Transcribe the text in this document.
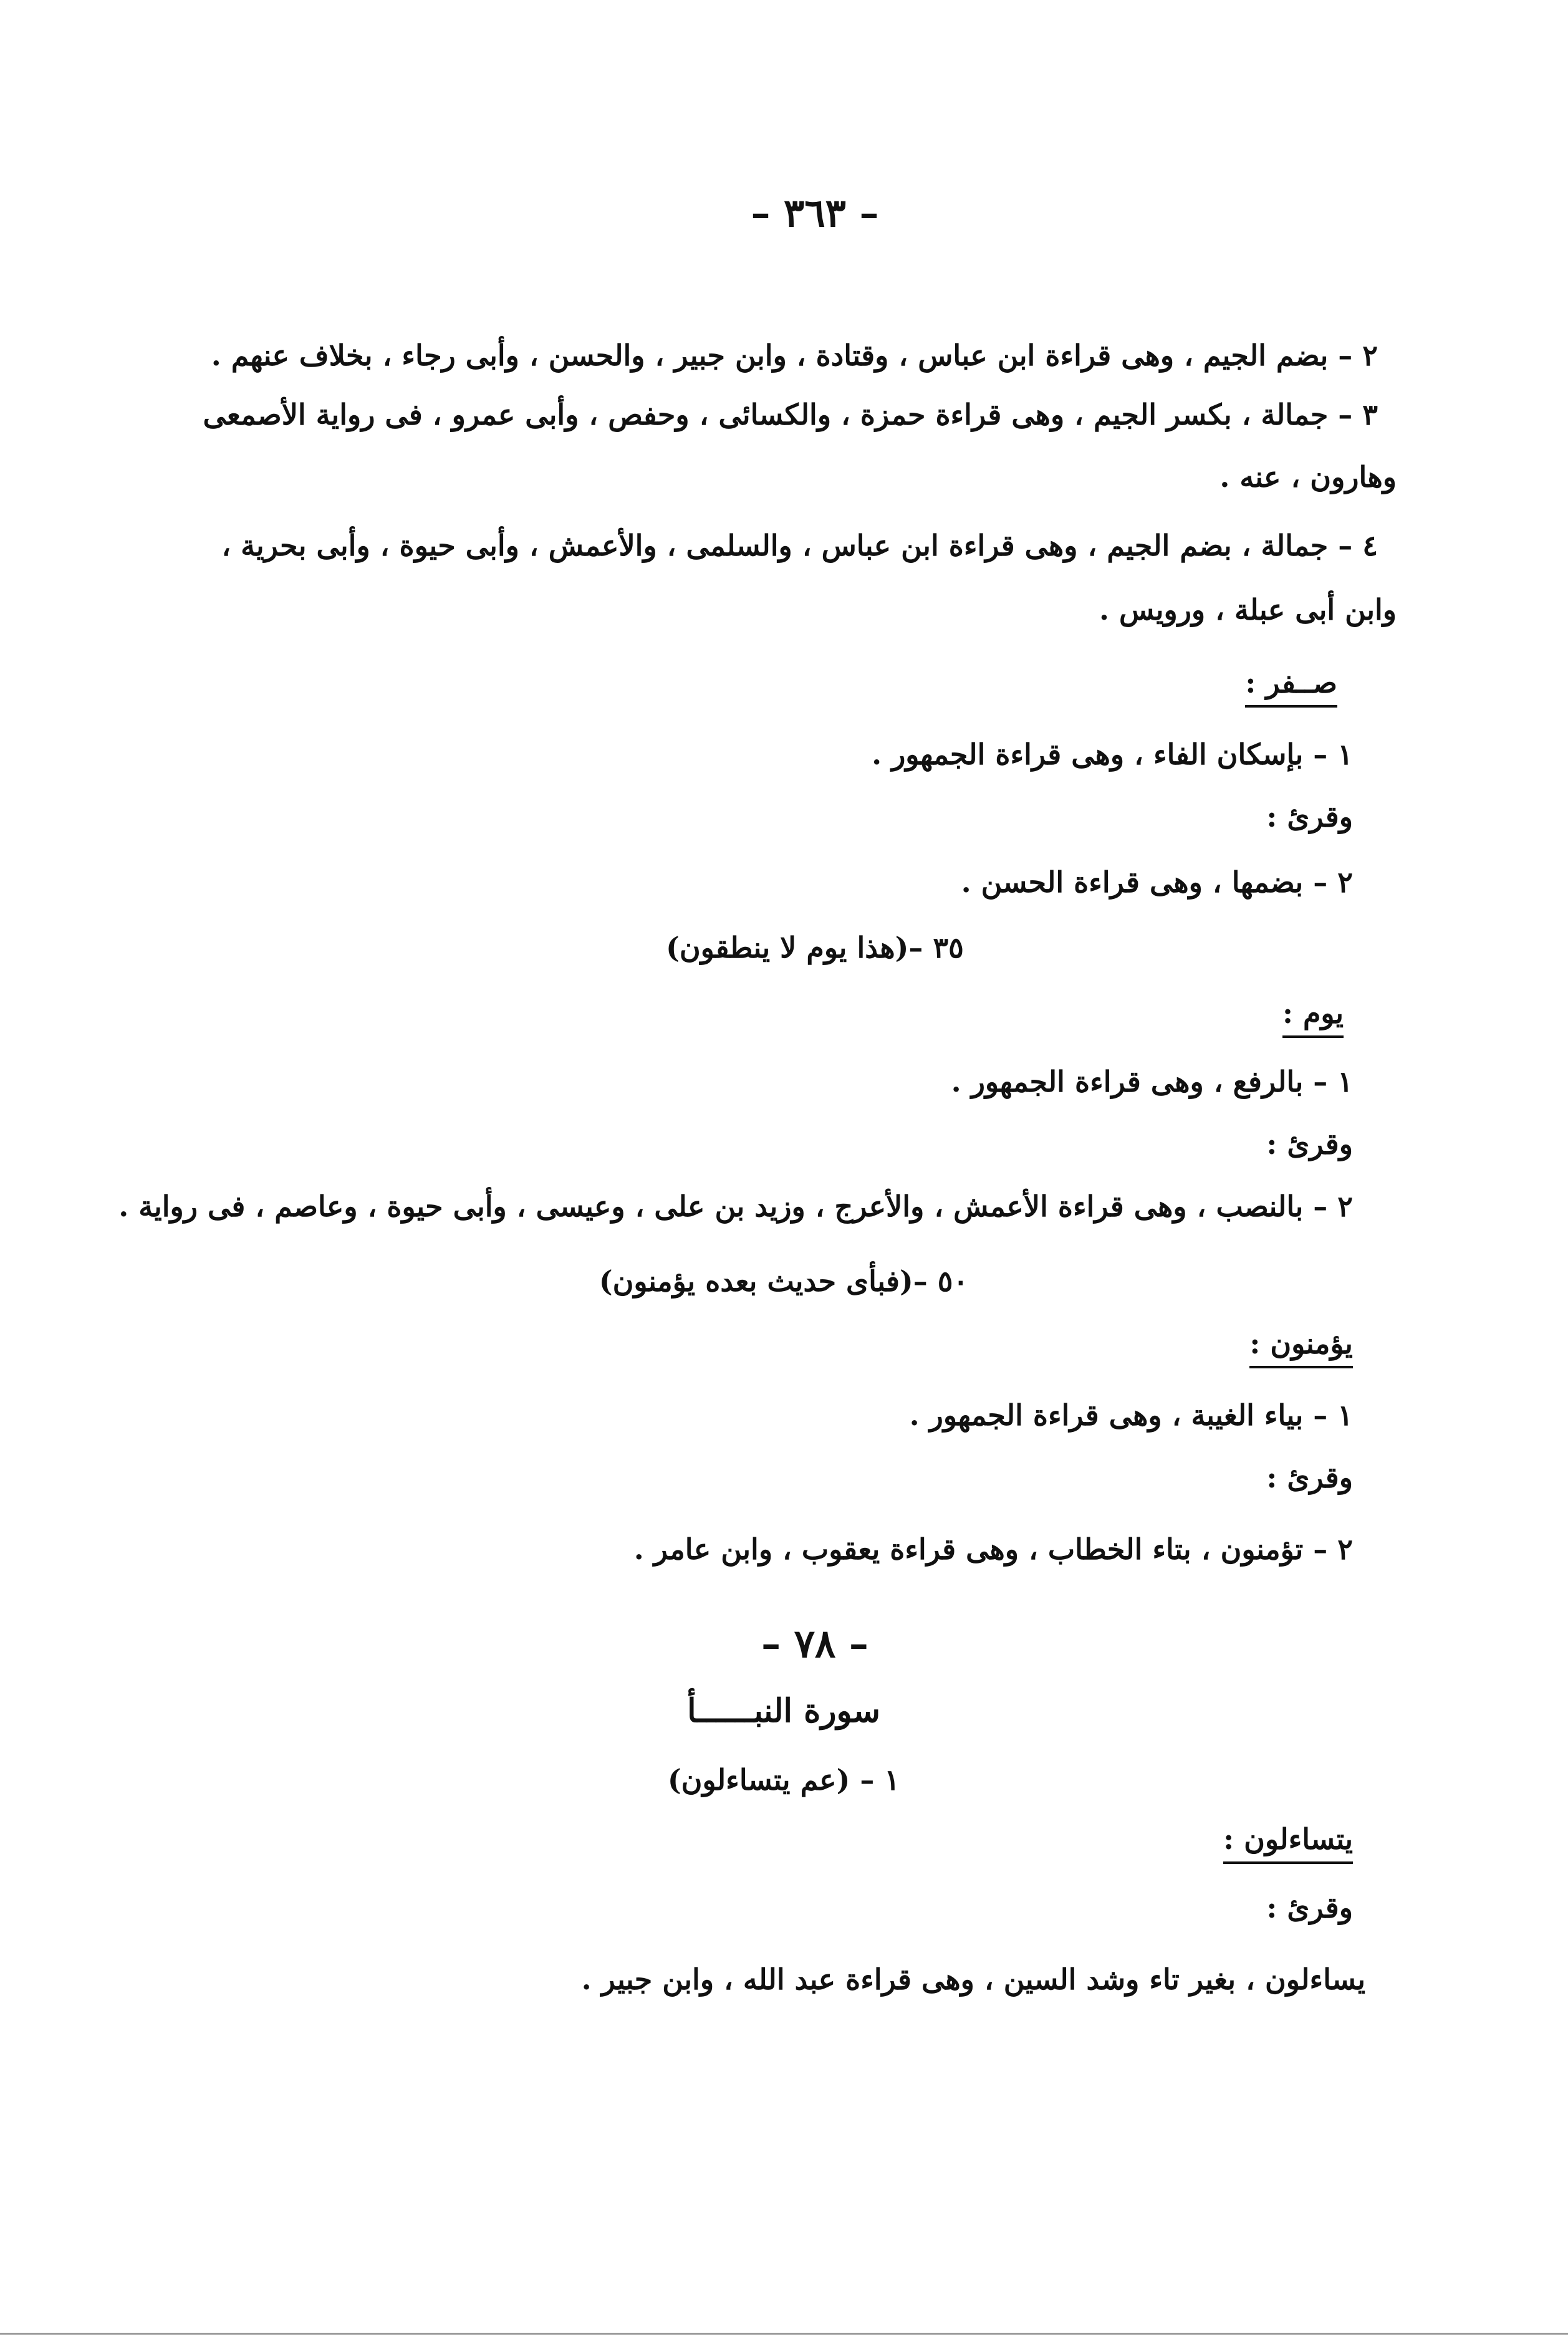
– ٣٦٣ –
٢ – بضم الجيم ، وهى قراءة ابن عباس ، وقتادة ، وابن جبير ، والحسن ، وأبى رجاء ، بخلاف عنهم .
٣ – جمالة ، بكسر الجيم ، وهى قراءة حمزة ، والكسائى ، وحفص ، وأبى عمرو ، فى رواية الأصمعى
وهارون ، عنه .
٤ – جمالة ، بضم الجيم ، وهى قراءة ابن عباس ، والسلمى ، والأعمش ، وأبى حيوة ، وأبى بحرية ،
وابن أبى عبلة ، ورويس .
صــفر :
١ – بإسكان الفاء ، وهى قراءة الجمهور .
وقرئ :
٢ – بضمها ، وهى قراءة الحسن .
٣٥ –(هذا يوم لا ينطقون)
يوم :
١ – بالرفع ، وهى قراءة الجمهور .
وقرئ :
٢ – بالنصب ، وهى قراءة الأعمش ، والأعرج ، وزيد بن على ، وعيسى ، وأبى حيوة ، وعاصم ، فى رواية .
٥٠ –(فبأى حديث بعده يؤمنون)
يؤمنون :
١ – بياء الغيبة ، وهى قراءة الجمهور .
وقرئ :
٢ – تؤمنون ، بتاء الخطاب ، وهى قراءة يعقوب ، وابن عامر .
– ٧٨ –
سورة النبــــــأ
١ – (عم يتساءلون)
يتساءلون :
وقرئ :
يساءلون ، بغير تاء وشد السين ، وهى قراءة عبد الله ، وابن جبير .
